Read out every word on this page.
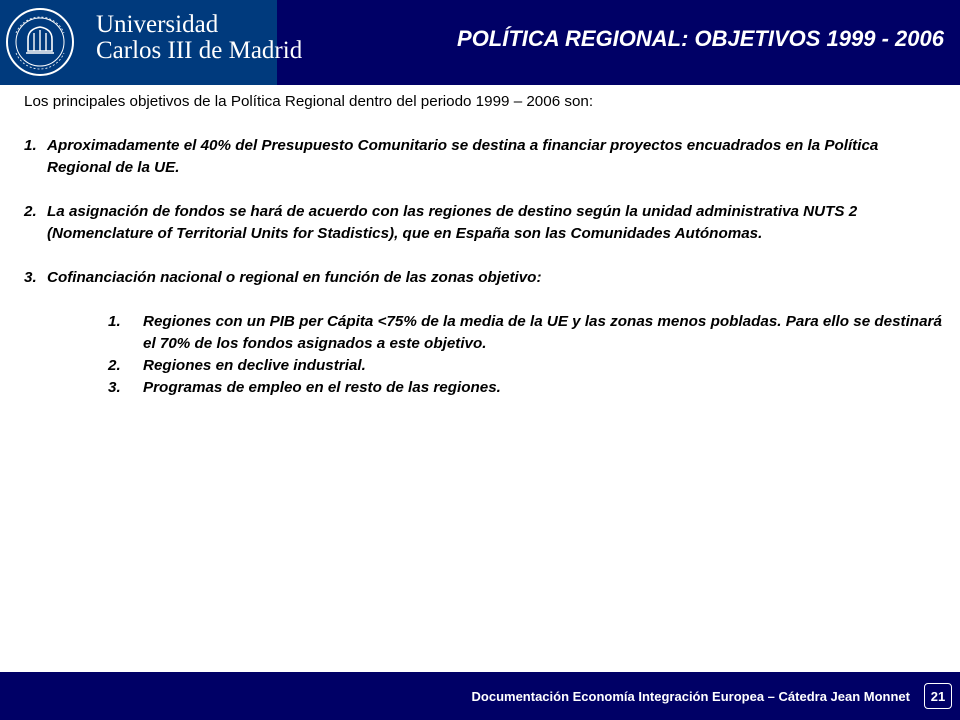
Universidad
Carlos III de Madrid	POLÍTICA REGIONAL: OBJETIVOS 1999 - 2006
Los principales objetivos de la Política Regional dentro del periodo 1999 – 2006 son:
1. Aproximadamente el 40% del Presupuesto Comunitario se destina a financiar proyectos encuadrados en la Política Regional de la UE.
2. La asignación de fondos se hará de acuerdo con las regiones de destino según la unidad administrativa NUTS 2 (Nomenclature of Territorial Units for Stadistics), que en España son las Comunidades Autónomas.
3. Cofinanciación nacional o regional en función de las zonas objetivo:
1. Regiones con un PIB per Cápita <75% de la media de la UE y las zonas menos pobladas. Para ello se destinará el 70% de los fondos asignados a este objetivo.
2. Regiones en declive industrial.
3. Programas de empleo en el resto de las regiones.
Documentación Economía Integración Europea – Cátedra Jean Monnet	21
